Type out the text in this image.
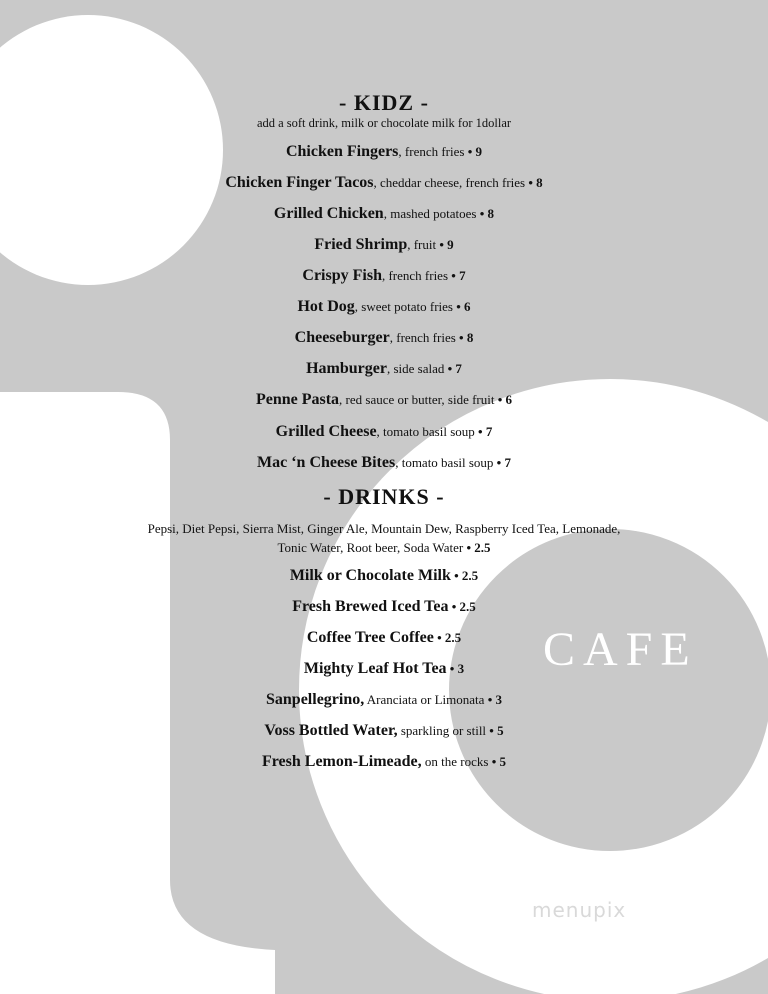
CAFE
menupix
- KIDZ -
add a soft drink, milk or chocolate milk for 1dollar
Chicken Fingers, french fries • 9
Chicken Finger Tacos, cheddar cheese, french fries • 8
Grilled Chicken, mashed potatoes • 8
Fried Shrimp, fruit • 9
Crispy Fish, french fries • 7
Hot Dog, sweet potato fries • 6
Cheeseburger, french fries • 8
Hamburger, side salad • 7
Penne Pasta, red sauce or butter, side fruit • 6
Grilled Cheese, tomato basil soup • 7
Mac ‘n Cheese Bites, tomato basil soup • 7
- DRINKS -
Pepsi, Diet Pepsi, Sierra Mist, Ginger Ale, Mountain Dew, Raspberry Iced Tea, Lemonade,
Tonic Water, Root beer, Soda Water • 2.5
Milk or Chocolate Milk • 2.5
Fresh Brewed Iced Tea • 2.5
Coffee Tree Coffee • 2.5
Mighty Leaf Hot Tea • 3
Sanpellegrino, Aranciata or Limonata • 3
Voss Bottled Water, sparkling or still • 5
Fresh Lemon-Limeade, on the rocks • 5
